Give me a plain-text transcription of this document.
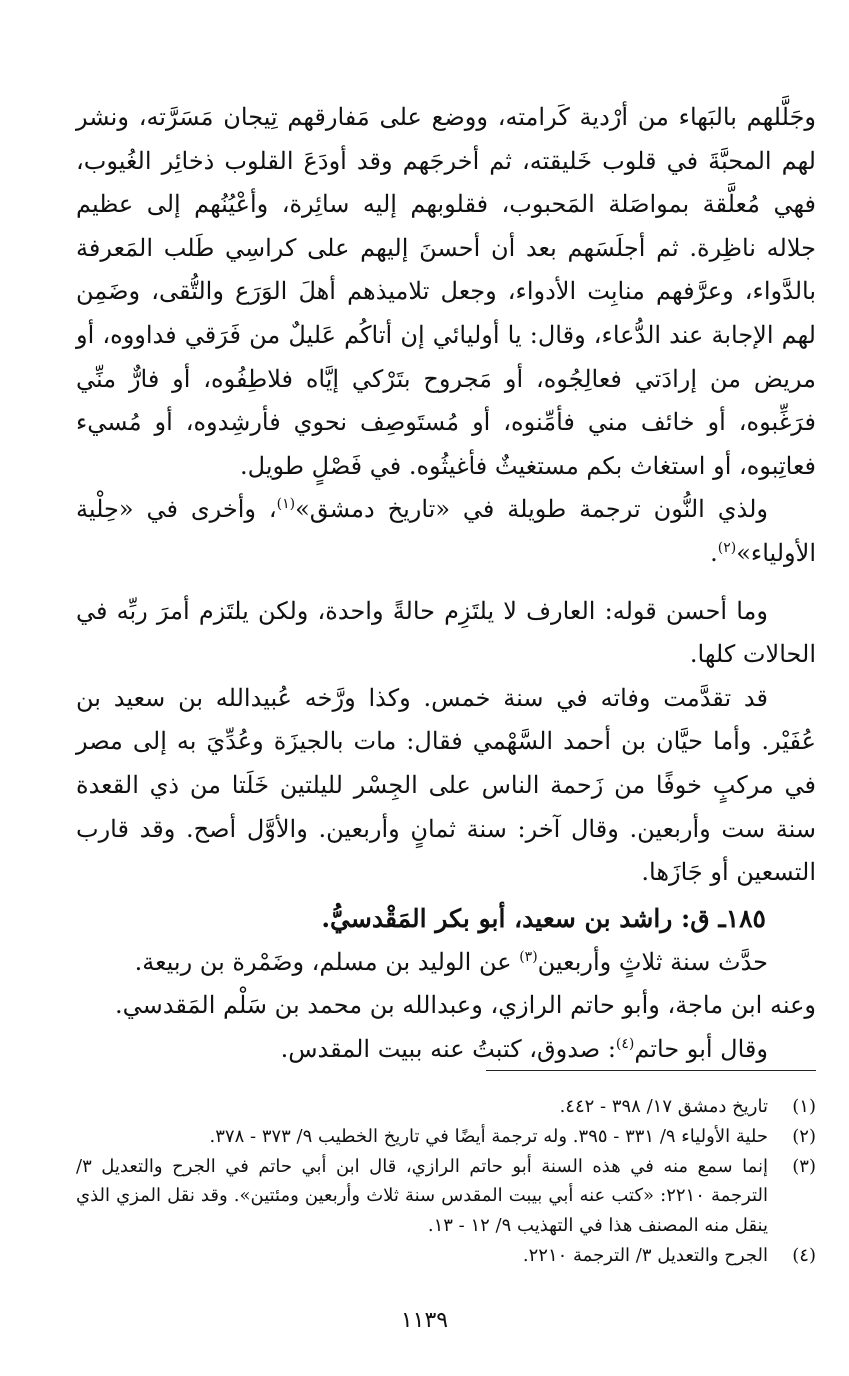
وجَلَّلهم بالبَهاء من أرْدية كَرامته، ووضع على مَفارقهم تِيجان مَسَرَّته، ونشر لهم المحبَّةَ في قلوب خَليقته، ثم أخرجَهم وقد أودَعَ القلوب ذخائِر الغُيوب، فهي مُعلَّقة بمواصَلة المَحبوب، فقلوبهم إليه سائِرة، وأعْيُنُهم إلى عظيم جلاله ناظِرة. ثم أجلَسَهم بعد أن أحسنَ إليهم على كراسِي طَلب المَعرفة بالدَّواء، وعرَّفهم منابِت الأدواء، وجعل تلاميذهم أهلَ الوَرَع والتُّقى، وضَمِن لهم الإجابة عند الدُّعاء، وقال: يا أوليائي إن أتاكُم عَليلٌ من فَرَقي فداووه، أو مريض من إرادَتي فعالِجُوه، أو مَجروح بتَرْكي إيَّاه فلاطِفُوه، أو فارٌّ منِّي فرَغِّبوه، أو خائف مني فأمِّنوه، أو مُستَوصِف نحوي فأرشِدوه، أو مُسيء فعاتِبوه، أو استغاث بكم مستغيثٌ فأغيثُوه. في فَصْلٍ طويل.

ولذي النُّون ترجمة طويلة في «تاريخ دمشق»$^{(١)}$، وأخرى في «حِلْية الأولياء»$^{(٢)}$.

وما أحسن قوله: العارف لا يلتَزِم حالةً واحدة، ولكن يلتَزم أمرَ ربِّه في الحالات كلها.

قد تقدَّمت وفاته في سنة خمس. وكذا ورَّخه عُبيدالله بن سعيد بن عُفَيْر. وأما حيَّان بن أحمد السَّهْمي فقال: مات بالجيزَة وعُدِّيَ به إلى مصر في مركبٍ خوفًا من زَحمة الناس على الجِسْر لليلتين خَلَتا من ذي القعدة سنة ست وأربعين. وقال آخر: سنة ثمانٍ وأربعين. والأوَّل أصح. وقد قارب التسعين أو جَازَها.

١٨٥ـ ق: راشد بن سعيد، أبو بكر المَقْدسيُّ.

حدَّث سنة ثلاثٍ وأربعين$^{(٣)}$ عن الوليد بن مسلم، وضَمْرة بن ربيعة.

وعنه ابن ماجة، وأبو حاتم الرازي، وعبدالله بن محمد بن سَلْم المَقدسي.

وقال أبو حاتم$^{(٤)}$: صدوق، كتبتُ عنه ببيت المقدس.

(١)
تاريخ دمشق ١٧/ ٣٩٨ - ٤٤٢.
(٢)
حلية الأولياء ٩/ ٣٣١ - ٣٩٥. وله ترجمة أيضًا في تاريخ الخطيب ٩/ ٣٧٣ - ٣٧٨.
(٣)
إنما سمع منه في هذه السنة أبو حاتم الرازي، قال ابن أبي حاتم في الجرح والتعديل ٣/ الترجمة ٢٢١٠: «كتب عنه أبي بيبت المقدس سنة ثلاث وأربعين ومئتين». وقد نقل المزي الذي ينقل منه المصنف هذا في التهذيب ٩/ ١٢ - ١٣.
(٤)
الجرح والتعديل ٣/ الترجمة ٢٢١٠.
١١٣٩
